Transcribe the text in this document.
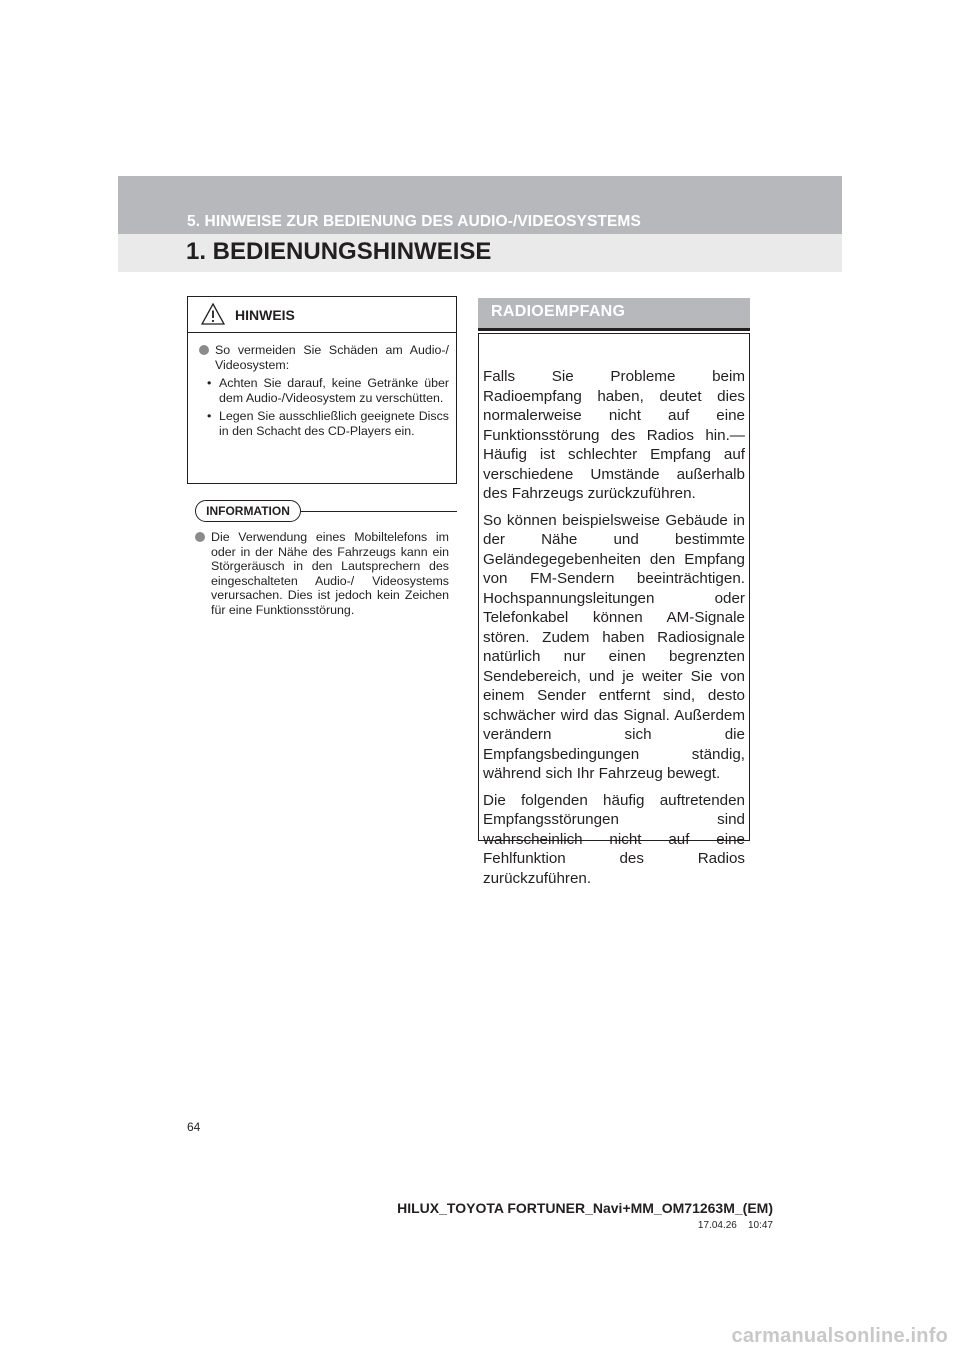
5. HINWEISE ZUR BEDIENUNG DES AUDIO-/VIDEOSYSTEMS
1. BEDIENUNGSHINWEISE
HINWEIS
So vermeiden Sie Schäden am Audio-/ Videosystem:
• Achten Sie darauf, keine Getränke über dem Audio-/Videosystem zu verschütten.
• Legen Sie ausschließlich geeignete Discs in den Schacht des CD-Players ein.
INFORMATION
Die Verwendung eines Mobiltelefons im oder in der Nähe des Fahrzeugs kann ein Störgeräusch in den Lautsprechern des eingeschalteten Audio-/ Videosystems verursachen. Dies ist jedoch kein Zeichen für eine Funktionsstörung.
RADIOEMPFANG

Falls Sie Probleme beim Radioempfang haben, deutet dies normalerweise nicht auf eine Funktionsstörung des Radios hin.— Häufig ist schlechter Empfang auf verschiedene Umstände außerhalb des Fahrzeugs zurückzuführen.

So können beispielsweise Gebäude in der Nähe und bestimmte Geländegegebenheiten den Empfang von FM-Sendern beeinträchtigen. Hochspannungsleitungen oder Telefonkabel können AM-Signale stören. Zudem haben Radiosignale natürlich nur einen begrenzten Sendebereich, und je weiter Sie von einem Sender entfernt sind, desto schwächer wird das Signal. Außerdem verändern sich die Empfangsbedingungen ständig, während sich Ihr Fahrzeug bewegt.

Die folgenden häufig auftretenden Empfangsstörungen sind wahrscheinlich nicht auf eine Fehlfunktion des Radios zurückzuführen.

64
HILUX_TOYOTA FORTUNER_Navi+MM_OM71263M_(EM)
17.04.26    10:47
carmanualsonline.info
